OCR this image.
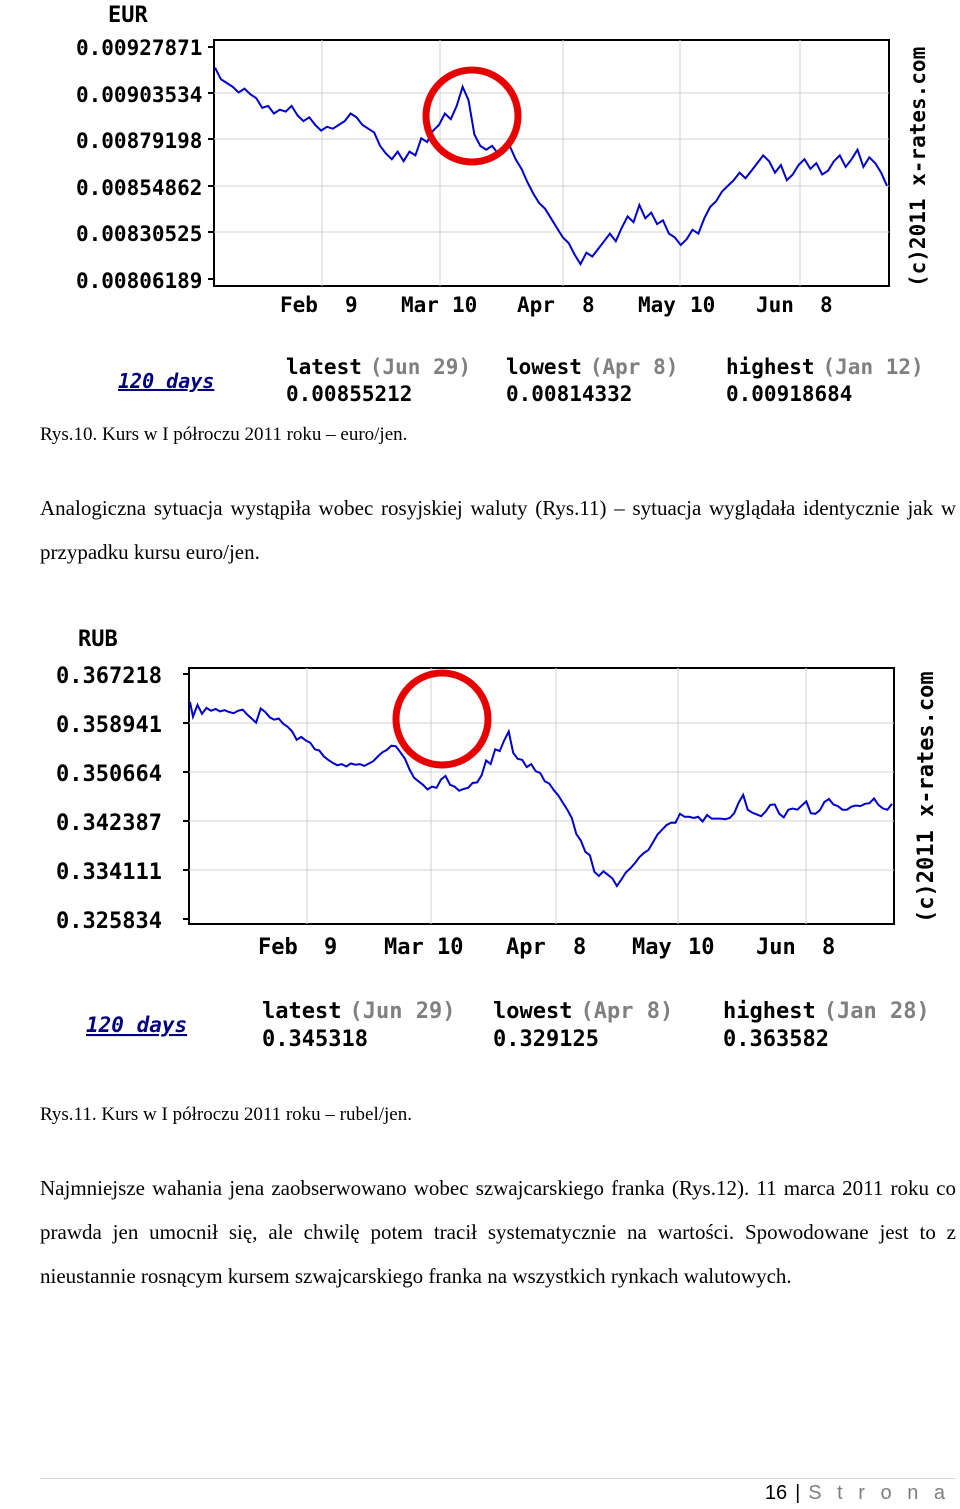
EUR
0.00927871
0.00903534
0.00879198
0.00854862
0.00830525
0.00806189
Feb 9 Mar 10 Apr 8 May 10 Jun 8
(c)2011 x-rates.com
120 days
latest (Jun 29)
0.00855212
lowest (Apr 8)
0.00814332
highest (Jan 12)
0.00918684
Rys.10. Kurs w I półroczu 2011 roku – euro/jen.
Analogiczna sytuacja wystąpiła wobec rosyjskiej waluty (Rys.11) – sytuacja wyglądała identycznie jak w przypadku kursu euro/jen.
RUB
0.367218
0.358941
0.350664
0.342387
0.334111
0.325834
Feb 9 Mar 10 Apr 8 May 10 Jun 8
(c)2011 x-rates.com
120 days
latest (Jun 29)
0.345318
lowest (Apr 8)
0.329125
highest (Jan 28)
0.363582
Rys.11. Kurs w I półroczu 2011 roku – rubel/jen.
Najmniejsze wahania jena zaobserwowano wobec szwajcarskiego franka (Rys.12). 11 marca 2011 roku co prawda jen umocnił się, ale chwilę potem tracił systematycznie na wartości. Spowodowane jest to z nieustannie rosnącym kursem szwajcarskiego franka na wszystkich rynkach walutowych.
16 | S t r o n a
